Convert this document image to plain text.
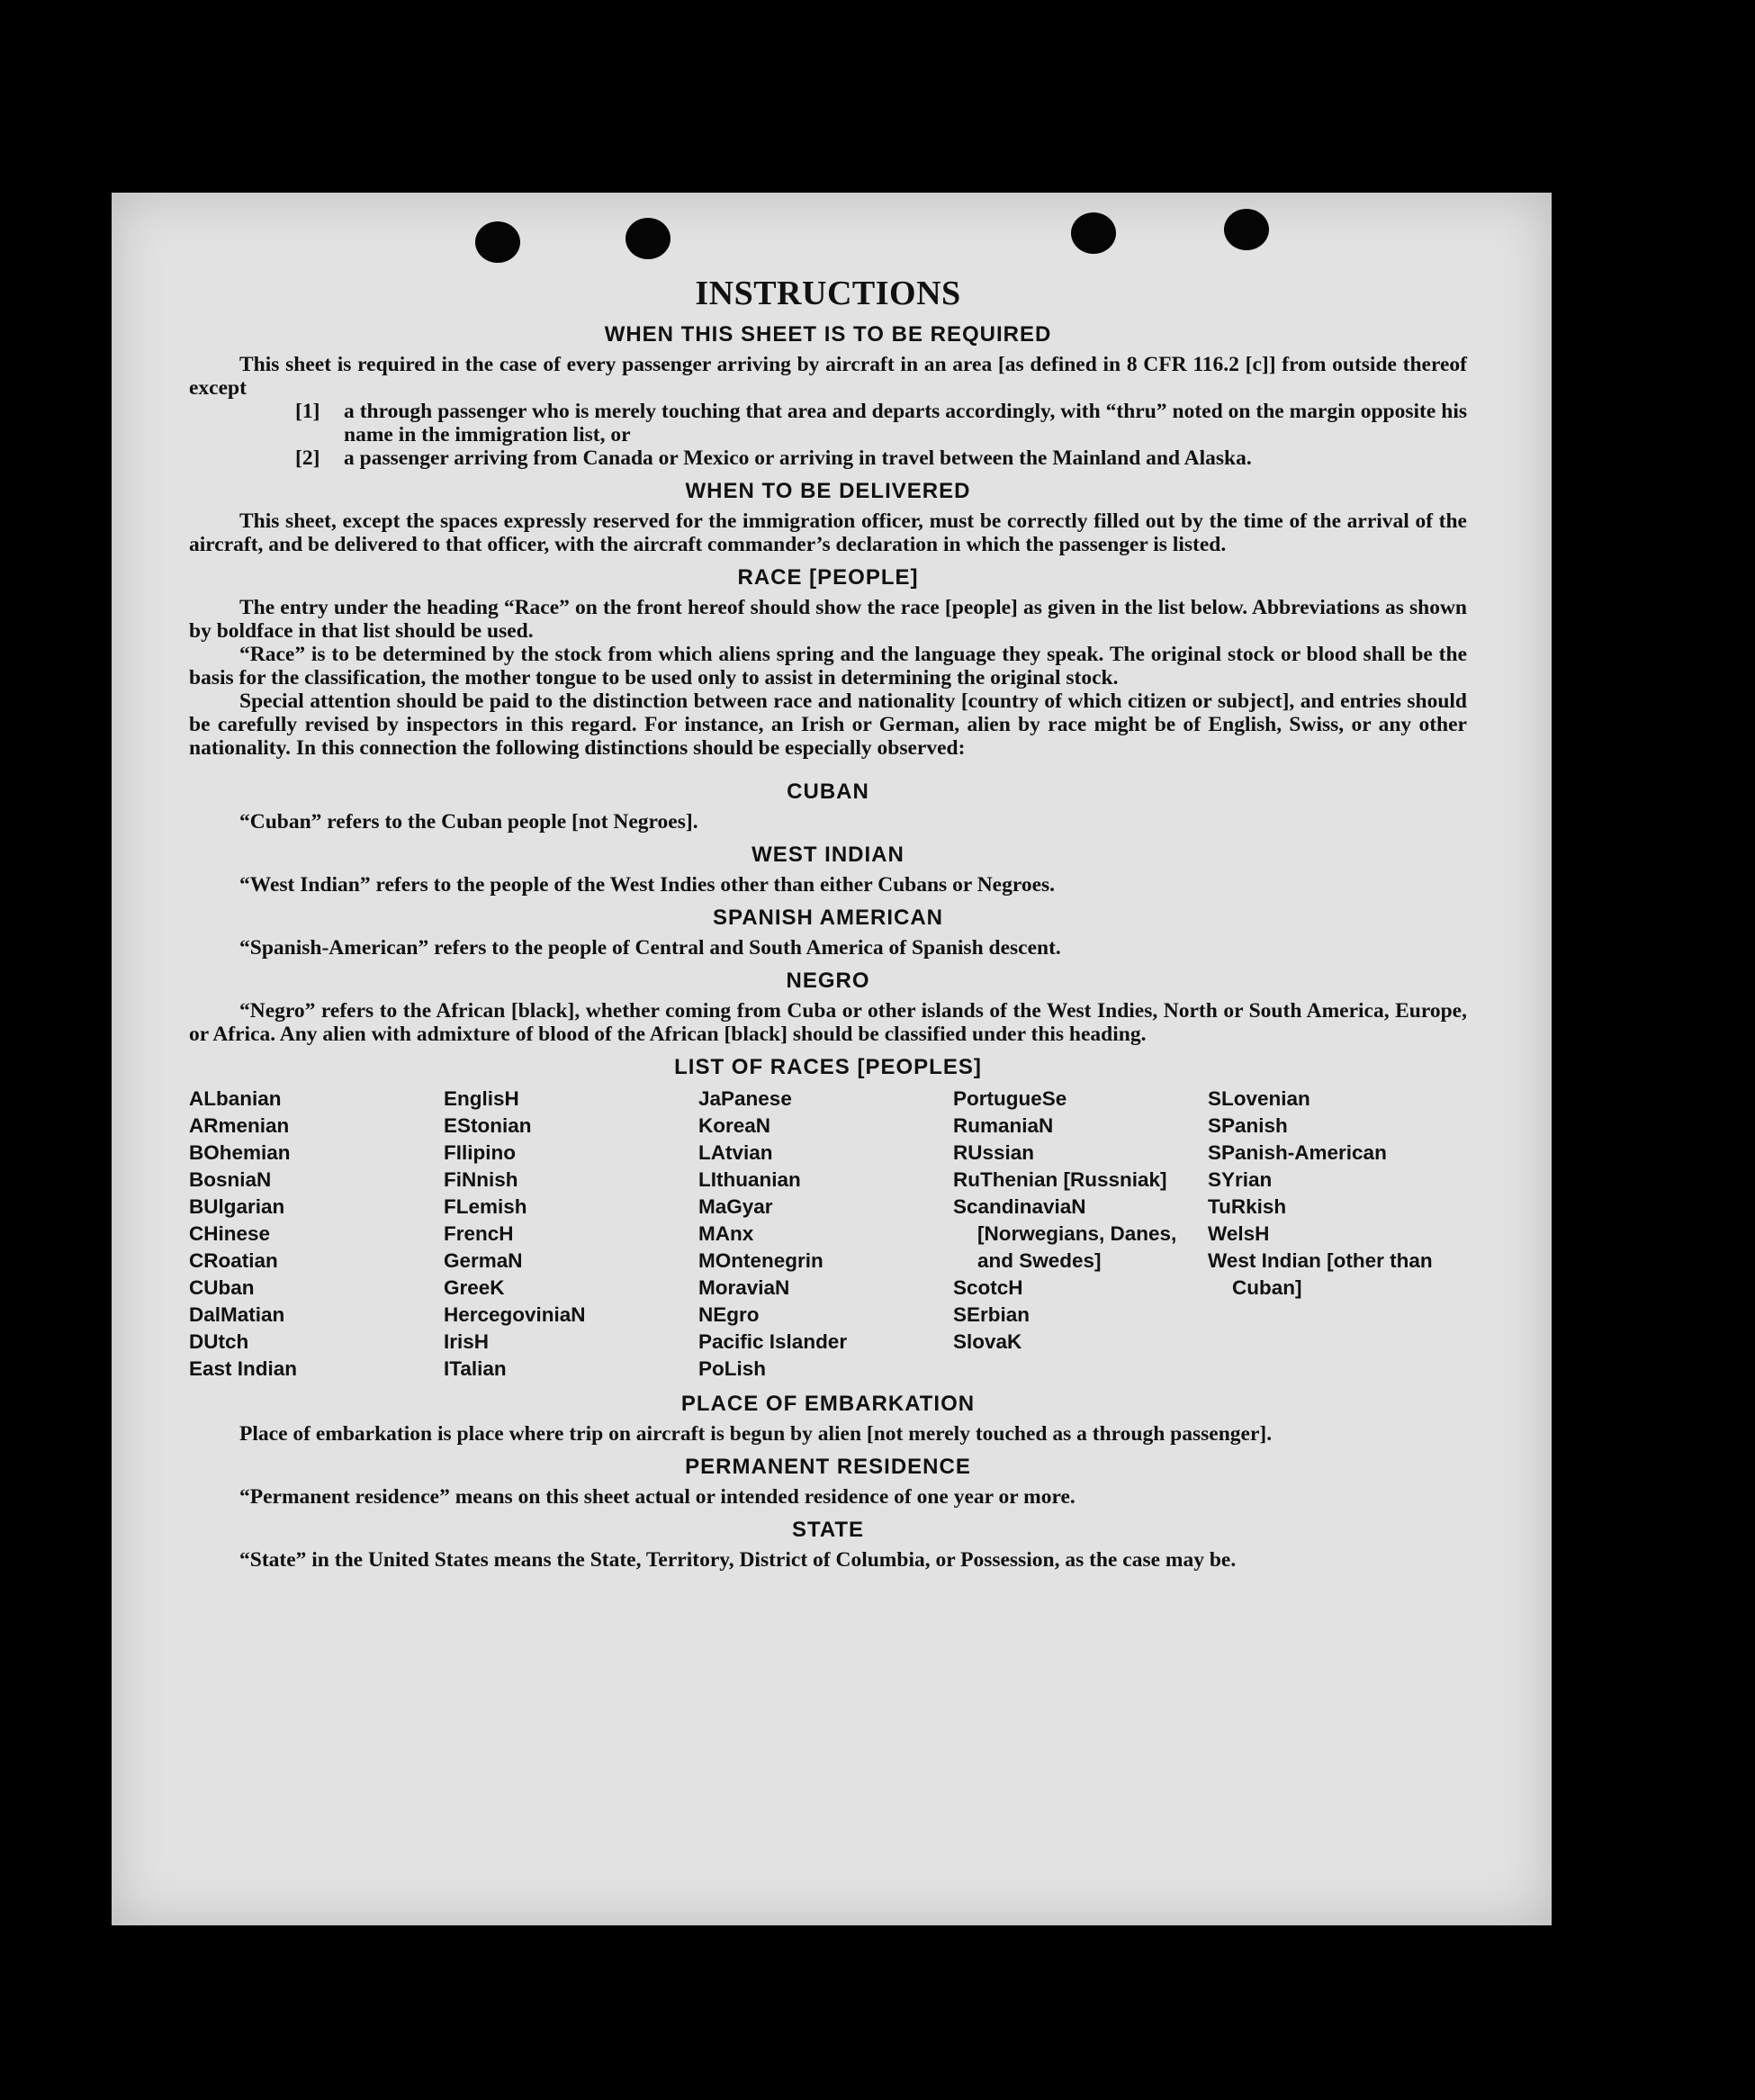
INSTRUCTIONS
WHEN THIS SHEET IS TO BE REQUIRED

This sheet is required in the case of every passenger arriving by aircraft in an area [as defined in 8 CFR 116.2 [c]] from outside thereof except

[1]	a through passenger who is merely touching that area and departs accordingly, with “thru” noted on the margin opposite his name in the immigration list, or
[2]	a passenger arriving from Canada or Mexico or arriving in travel between the Mainland and Alaska.
WHEN TO BE DELIVERED

This sheet, except the spaces expressly reserved for the immigration officer, must be correctly filled out by the time of the arrival of the aircraft, and be delivered to that officer, with the aircraft commander’s declaration in which the passenger is listed.

RACE [PEOPLE]

The entry under the heading “Race” on the front hereof should show the race [people] as given in the list below. Abbreviations as shown by boldface in that list should be used.

“Race” is to be determined by the stock from which aliens spring and the language they speak. The original stock or blood shall be the basis for the classification, the mother tongue to be used only to assist in determining the original stock.

Special attention should be paid to the distinction between race and nationality [country of which citizen or subject], and entries should be carefully revised by inspectors in this regard. For instance, an Irish or German, alien by race might be of English, Swiss, or any other nationality. In this connection the following distinctions should be especially observed:

CUBAN

“Cuban” refers to the Cuban people [not Negroes].

WEST INDIAN

“West Indian” refers to the people of the West Indies other than either Cubans or Negroes.

SPANISH AMERICAN

“Spanish-American” refers to the people of Central and South America of Spanish descent.

NEGRO

“Negro” refers to the African [black], whether coming from Cuba or other islands of the West Indies, North or South America, Europe, or Africa. Any alien with admixture of blood of the African [black] should be classified under this heading.

LIST OF RACES [PEOPLES]
ALbanian
ARmenian
BOhemian
BosniaN
BUlgarian
CHinese
CRoatian
CUban
DalMatian
DUtch
East Indian
EnglisH
EStonian
FIlipino
FiNnish
FLemish
FrencH
GermaN
GreeK
HercegovinіaN
IrisH
ITalian
JaPanese
KoreaN
LAtvian
LIthuanian
MaGyar
MAnx
MOntenegrin
MoraviaN
NEgro
Pacific Islander
PoLish
PortugueSe
RumaniaN
RUssian
RuThenian [Russniak]
ScandinaviaN [Norwegians, Danes, and Swedes]
ScotcH
SErbian
SlovaK
SLovenian
SPanish
SPanish-American
SYrian
TuRkish
WelsH
West Indian [other than Cuban]
PLACE OF EMBARKATION

Place of embarkation is place where trip on aircraft is begun by alien [not merely touched as a through passenger].

PERMANENT RESIDENCE

“Permanent residence” means on this sheet actual or intended residence of one year or more.

STATE

“State” in the United States means the State, Territory, District of Columbia, or Possession, as the case may be.
